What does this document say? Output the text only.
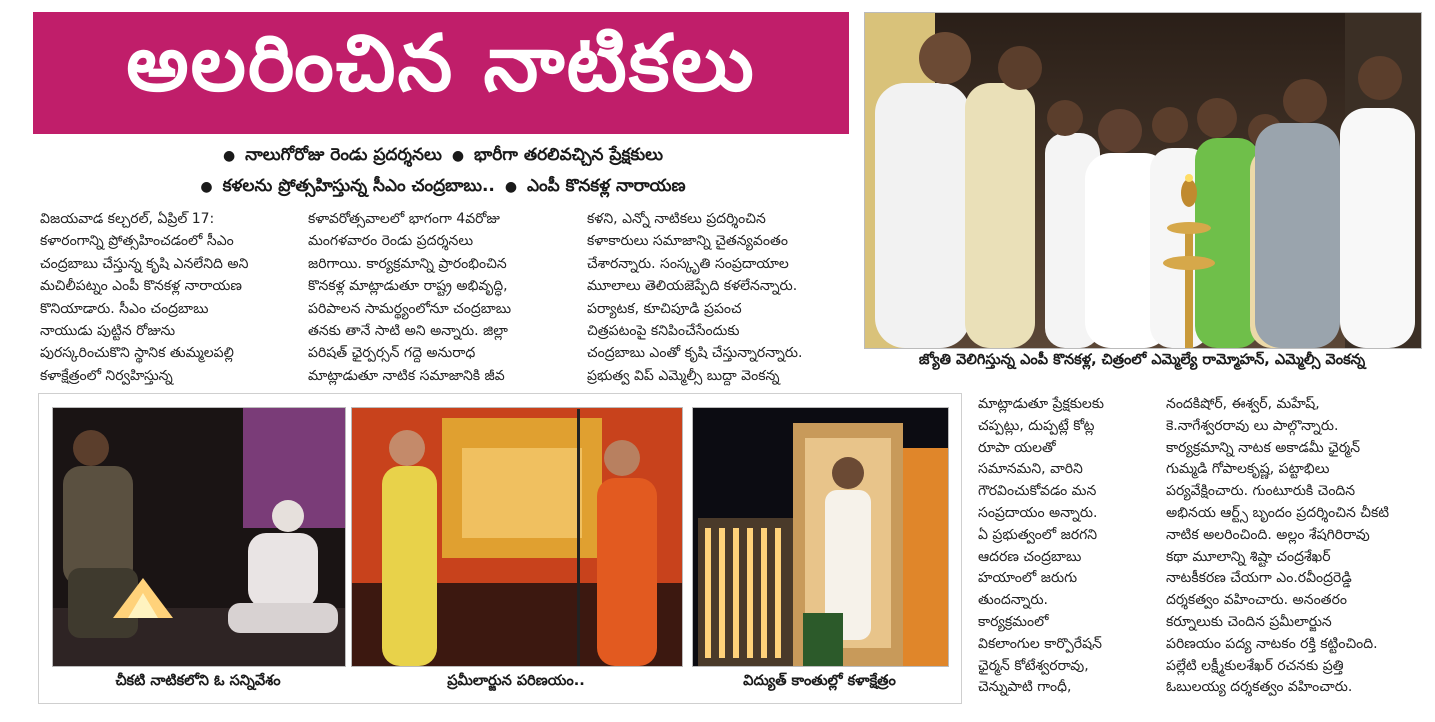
అలరించిన నాటికలు
● నాలుగోరోజు రెండు ప్రదర్శనలు ● భారీగా తరలివచ్చిన ప్రేక్షకులు
● కళలను ప్రోత్సహిస్తున్న సీఎం చంద్రబాబు.. ● ఎంపీ కొనకళ్ల నారాయణ
విజయవాడ కల్చరల్, ఏప్రిల్ 17:
కళారంగాన్ని ప్రోత్సహించడంలో సీఎం
చంద్రబాబు చేస్తున్న కృషి ఎనలేనిది అని
మచిలీపట్నం ఎంపీ కొనకళ్ల నారాయణ
కొనియాడారు. సీఎం చంద్రబాబు
నాయుడు పుట్టిన రోజును
పురస్కరించుకొని స్థానిక తుమ్మలపల్లి
కళాక్షేత్రంలో నిర్వహిస్తున్న
కళావరోత్సవాలలో భాగంగా 4వరోజు
మంగళవారం రెండు ప్రదర్శనలు
జరిగాయి. కార్యక్రమాన్ని ప్రారంభించిన
కొనకళ్ల మాట్లాడుతూ రాష్ట్ర అభివృద్ధి,
పరిపాలన సామర్థ్యంలోనూ చంద్రబాబు
తనకు తానే సాటి అని అన్నారు. జిల్లా
పరిషత్ ఛైర్పర్సన్ గద్దె అనురాధ
మాట్లాడుతూ నాటిక సమాజానికి జీవ
కళని, ఎన్నో నాటికలు ప్రదర్శించిన
కళాకారులు సమాజాన్ని చైతన్యవంతం
చేశారన్నారు. సంస్కృతి సంప్రదాయాల
మూలాలు తెలియజెప్పేది కళలేనన్నారు.
పర్యాటక, కూచిపూడి ప్రపంచ
చిత్రపటంపై కనిపించేసేందుకు
చంద్రబాబు ఎంతో కృషి చేస్తున్నారన్నారు.
ప్రభుత్వ విప్ ఎమ్మెల్సీ బుద్దా వెంకన్న
మాట్లాడుతూ ప్రేక్షకులకు
చప్పట్లు, దుప్పట్లే కోట్ల
రూపా యలతో
సమానమని, వారిని
గౌరవించుకోవడం మన
సంప్రదాయం అన్నారు.
ఏ ప్రభుత్వంలో జరగని
ఆదరణ చంద్రబాబు
హయాంలో జరుగు
తుందన్నారు.
కార్యక్రమంలో
వికలాంగుల కార్పొరేషన్
ఛైర్మన్ కోటేశ్వరరావు,
చెన్నుపాటి గాంధీ,
నందకిషోర్, ఈశ్వర్, మహేష్,
కె.నాగేశ్వరరావు లు పాల్గొన్నారు.
కార్యక్రమాన్ని నాటక అకాడమీ ఛైర్మన్
గుమ్మడి గోపాలకృష్ణ, పట్టాభిలు
పర్యవేక్షించారు. గుంటూరుకి చెందిన
అభినయ ఆర్ట్స్ బృందం ప్రదర్శించిన చీకటి
నాటిక అలరించింది. అల్లం శేషగిరిరావు
కథా మూలాన్ని శిష్టా చంద్రశేఖర్
నాటకీకరణ చేయగా ఎం.రవీంద్రరెడ్డి
దర్శకత్వం వహించారు. అనంతరం
కర్నూలుకు చెందిన ప్రమీలార్జున
పరిణయం పద్య నాటకం రక్తి కట్టించింది.
పల్లేటి లక్ష్మీకులశేఖర్ రచనకు ప్రత్తి
ఓబులయ్య దర్శకత్వం వహించారు.
జ్యోతి వెలిగిస్తున్న ఎంపీ కొనకళ్ల, చిత్రంలో ఎమ్మెల్యే రామ్మోహన్, ఎమ్మెల్సీ వెంకన్న
చీకటి నాటికలోని ఓ సన్నివేశం	ప్రమీలార్జున పరిణయం..	విద్యుత్ కాంతుల్లో కళాక్షేత్రం
